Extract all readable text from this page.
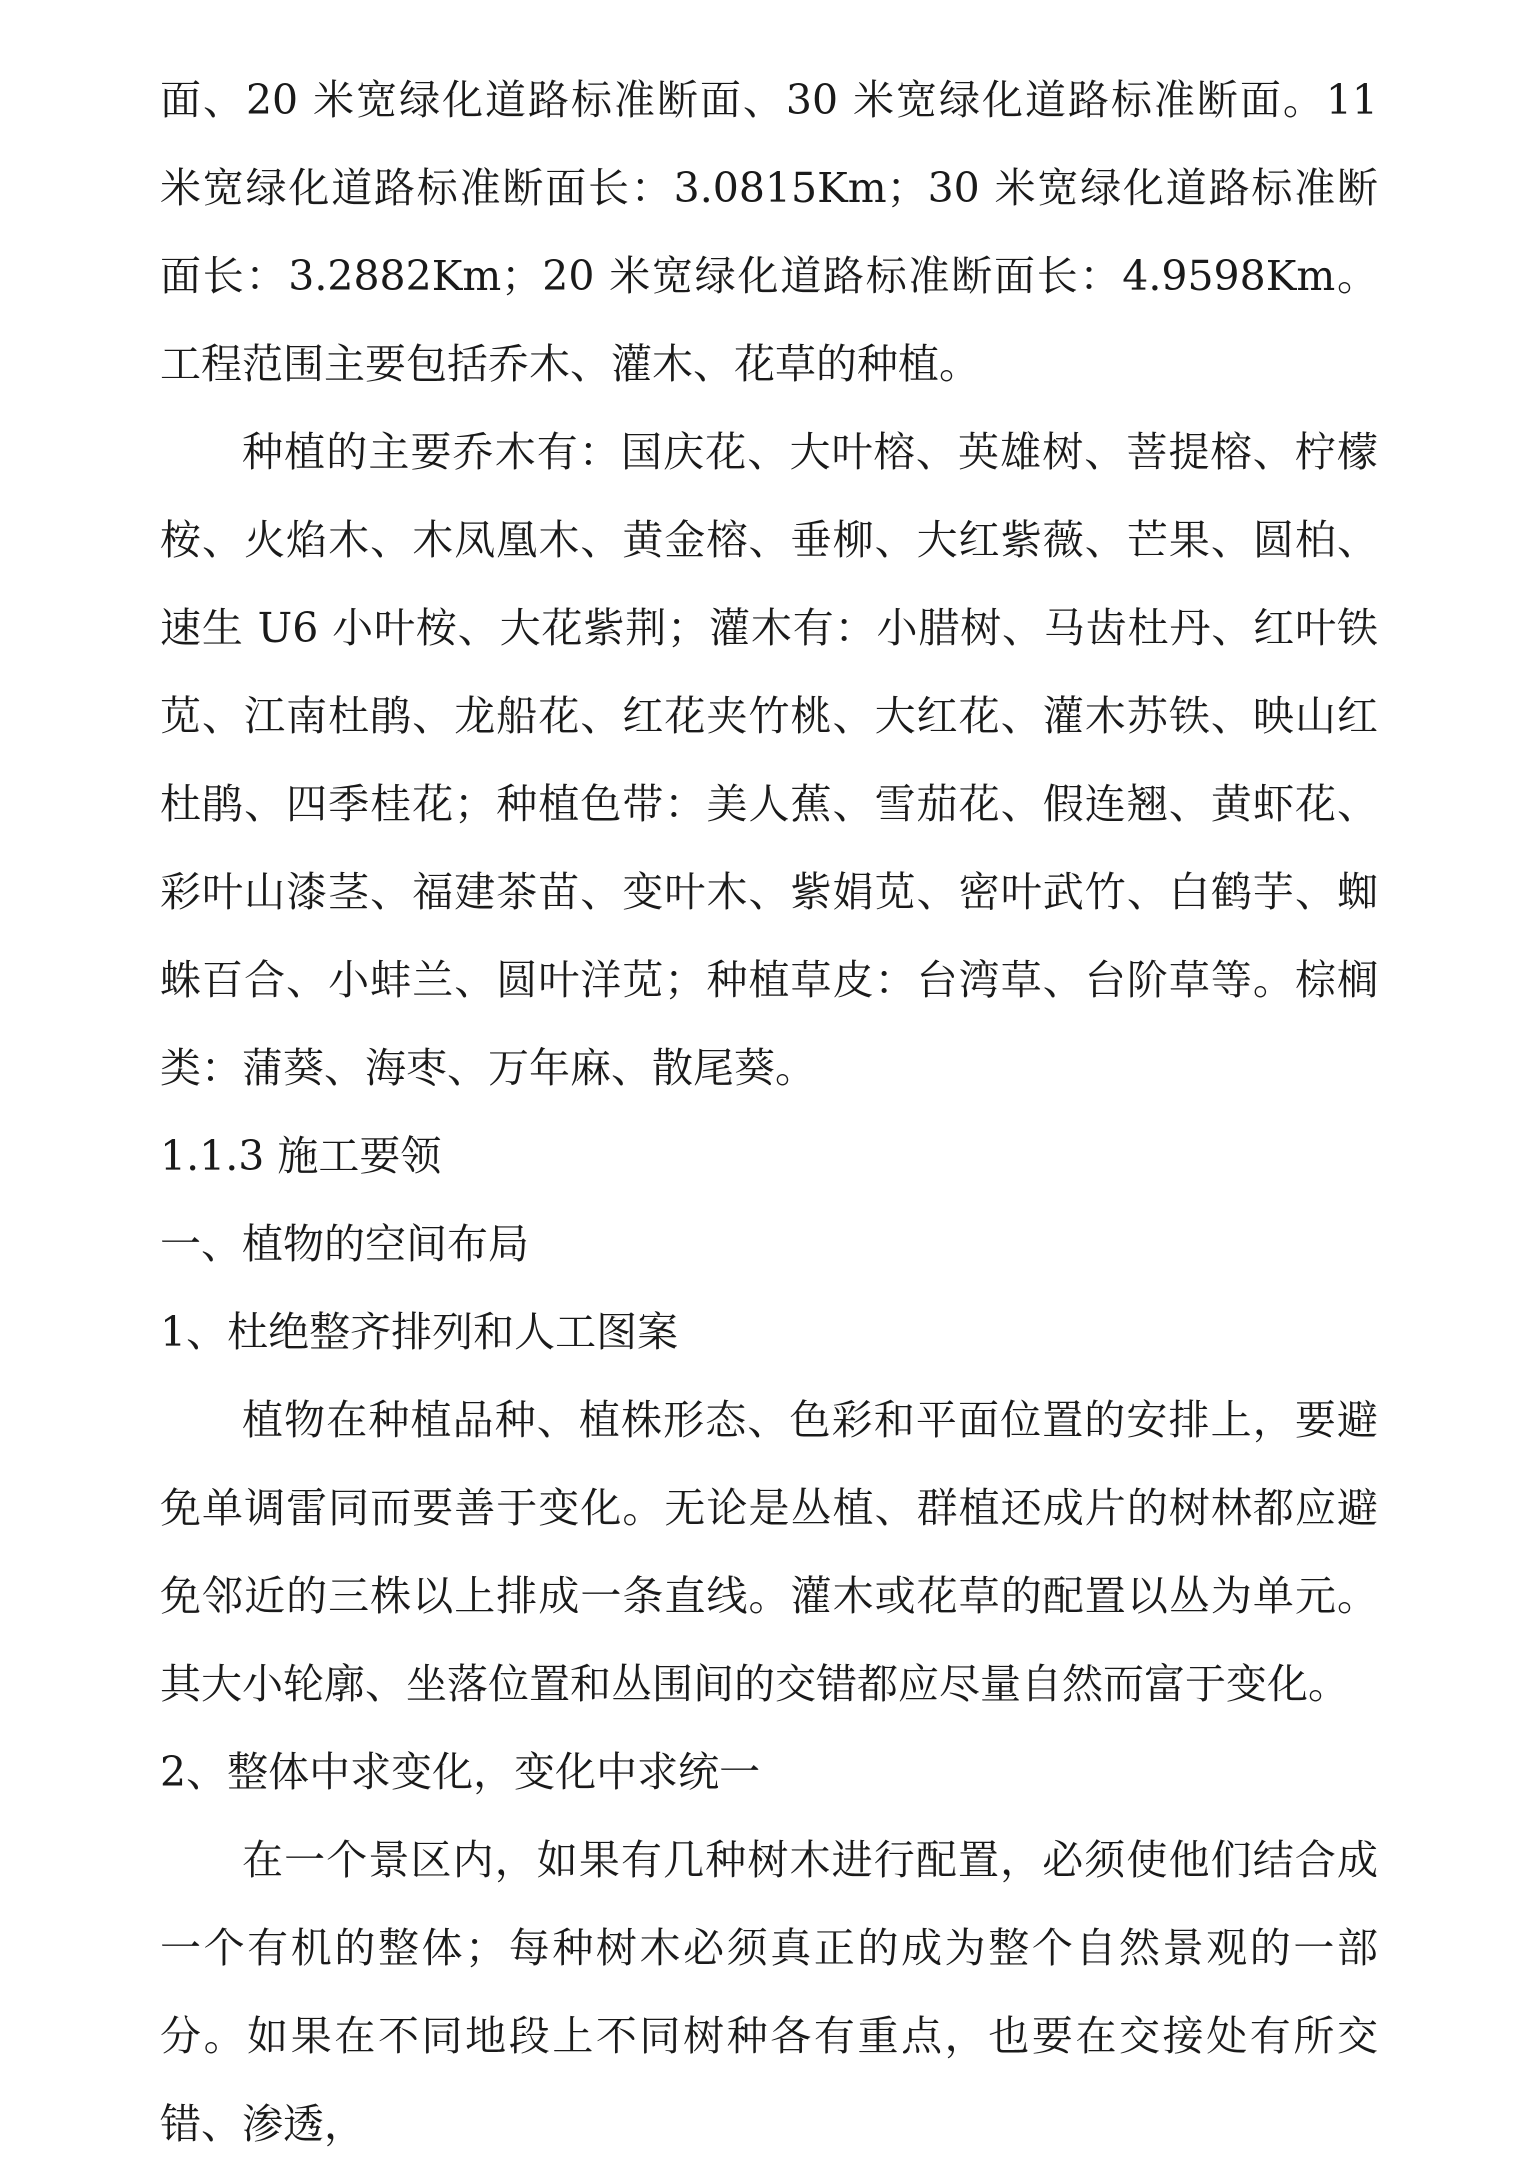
面、20 米宽绿化道路标准断面、30 米宽绿化道路标准断面。11 米宽绿化道路标准断面长：3.0815Km；30 米宽绿化道路标准断面长：3.2882Km；20 米宽绿化道路标准断面长：4.9598Km。工程范围主要包括乔木、灌木、花草的种植。

种植的主要乔木有：国庆花、大叶榕、英雄树、菩提榕、柠檬桉、火焰木、木凤凰木、黄金榕、垂柳、大红紫薇、芒果、圆柏、速生 U6 小叶桉、大花紫荆；灌木有：小腊树、马齿杜丹、红叶铁苋、江南杜鹃、龙船花、红花夹竹桃、大红花、灌木苏铁、映山红杜鹃、四季桂花；种植色带：美人蕉、雪茄花、假连翘、黄虾花、彩叶山漆茎、福建茶苗、变叶木、紫娟苋、密叶武竹、白鹤芋、蜘蛛百合、小蚌兰、圆叶洋苋；种植草皮：台湾草、台阶草等。棕榈类：蒲葵、海枣、万年麻、散尾葵。

1.1.3 施工要领

一、植物的空间布局

1、杜绝整齐排列和人工图案

植物在种植品种、植株形态、色彩和平面位置的安排上，要避免单调雷同而要善于变化。无论是丛植、群植还成片的树林都应避免邻近的三株以上排成一条直线。灌木或花草的配置以丛为单元。其大小轮廓、坐落位置和丛围间的交错都应尽量自然而富于变化。

2、整体中求变化，变化中求统一

在一个景区内，如果有几种树木进行配置，必须使他们结合成一个有机的整体；每种树木必须真正的成为整个自然景观的一部分。如果在不同地段上不同树种各有重点，也要在交接处有所交错、渗透，
